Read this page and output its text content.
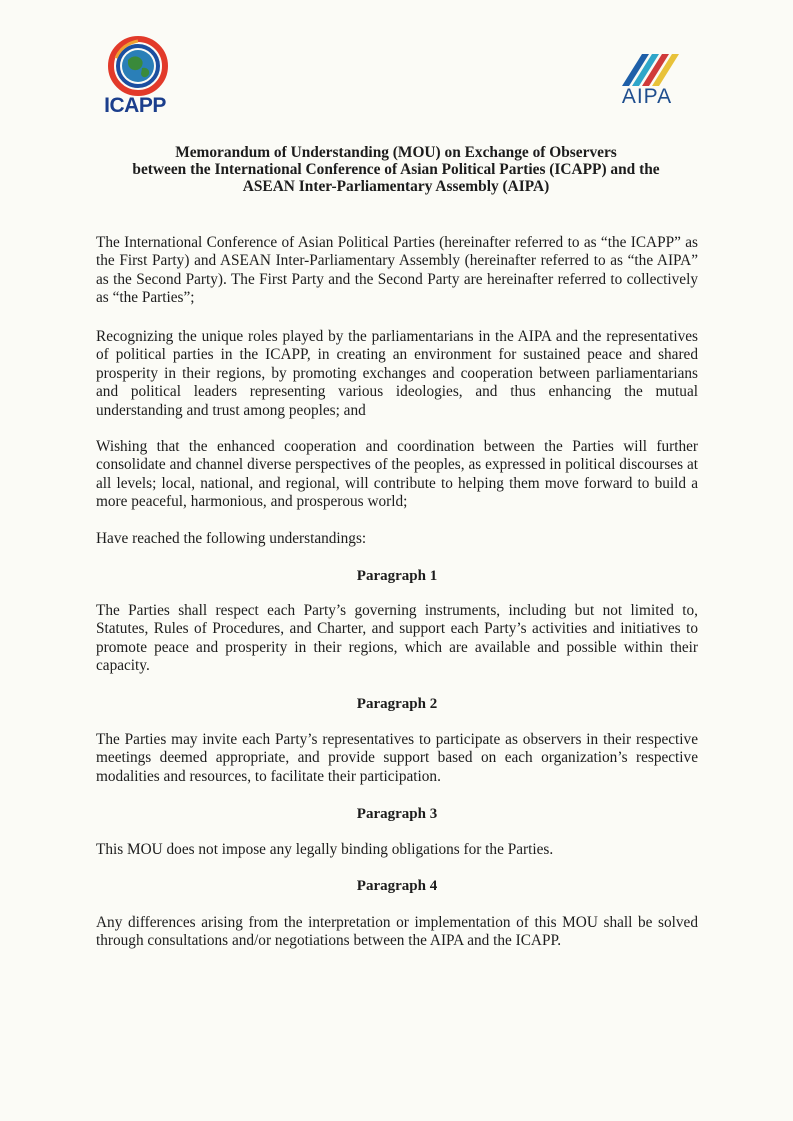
ICAPP	AIPA
Memorandum of Understanding (MOU) on Exchange of Observers
between the International Conference of Asian Political Parties (ICAPP) and the
ASEAN Inter-Parliamentary Assembly (AIPA)

The International Conference of Asian Political Parties (hereinafter referred to as “the ICAPP” as the First Party) and ASEAN Inter-Parliamentary Assembly (hereinafter referred to as “the AIPA” as the Second Party). The First Party and the Second Party are hereinafter referred to collectively as “the Parties”;

Recognizing the unique roles played by the parliamentarians in the AIPA and the representatives of political parties in the ICAPP, in creating an environment for sustained peace and shared prosperity in their regions, by promoting exchanges and cooperation between parliamentarians and political leaders representing various ideologies, and thus enhancing the mutual understanding and trust among peoples; and

Wishing that the enhanced cooperation and coordination between the Parties will further consolidate and channel diverse perspectives of the peoples, as expressed in political discourses at all levels; local, national, and regional, will contribute to helping them move forward to build a more peaceful, harmonious, and prosperous world;

Have reached the following understandings:

Paragraph 1

The Parties shall respect each Party’s governing instruments, including but not limited to, Statutes, Rules of Procedures, and Charter, and support each Party’s activities and initiatives to promote peace and prosperity in their regions, which are available and possible within their capacity.

Paragraph 2

The Parties may invite each Party’s representatives to participate as observers in their respective meetings deemed appropriate, and provide support based on each organization’s respective modalities and resources, to facilitate their participation.

Paragraph 3

This MOU does not impose any legally binding obligations for the Parties.

Paragraph 4

Any differences arising from the interpretation or implementation of this MOU shall be solved through consultations and/or negotiations between the AIPA and the ICAPP.
